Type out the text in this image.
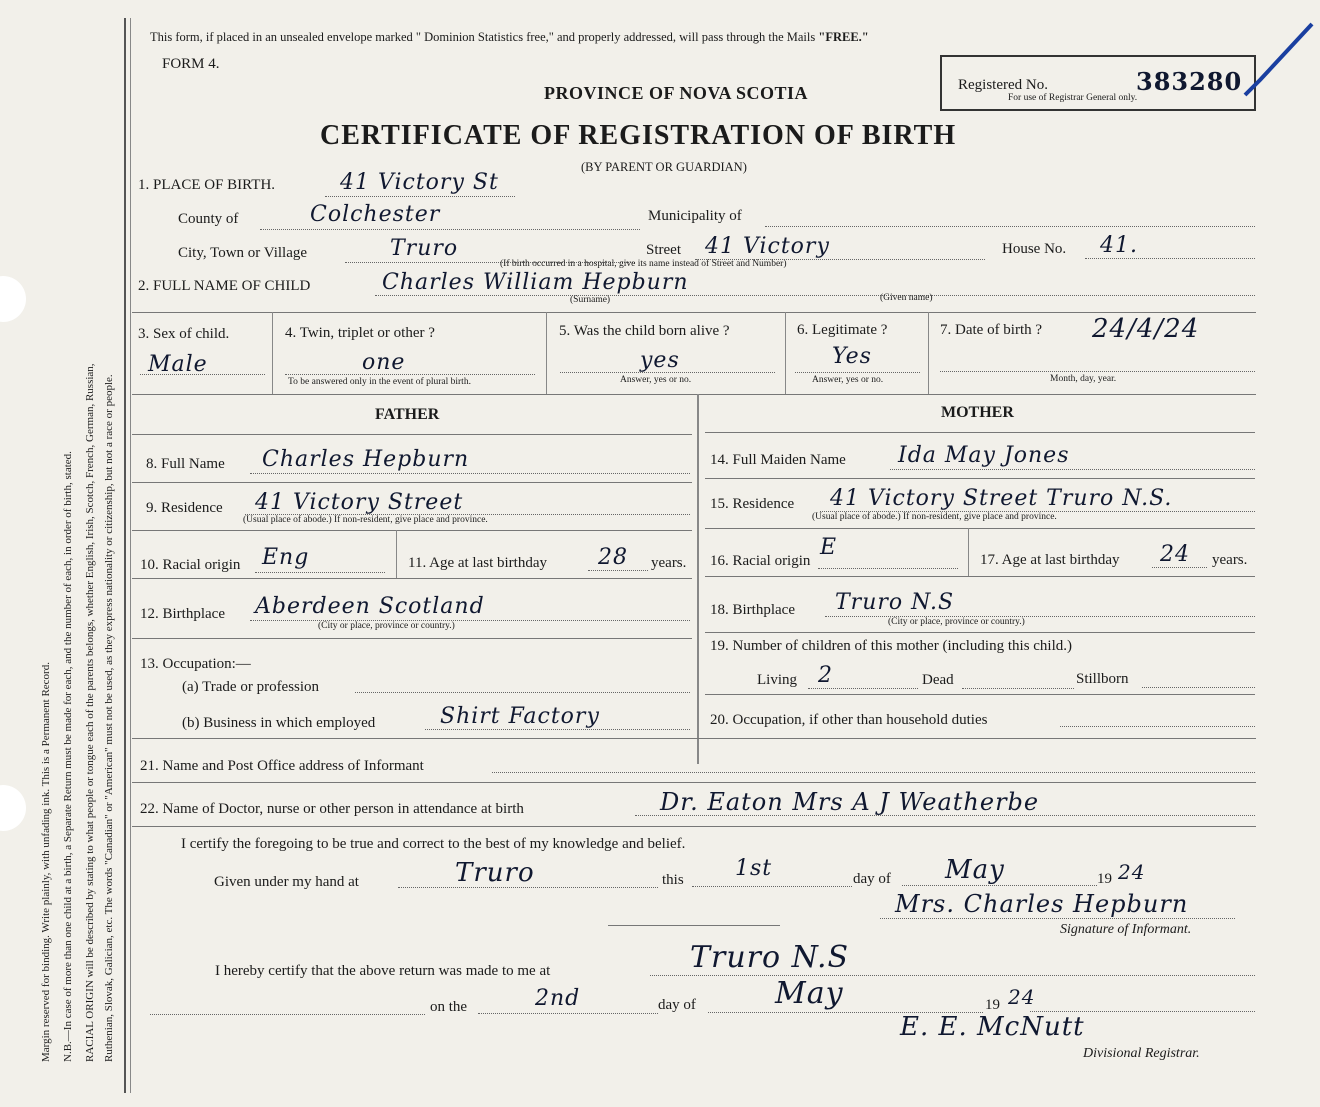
Margin reserved for binding. Write plainly, with unfading ink. This is a Permanent Record. N.B.—In case of more than one child at a birth, a Separate Return must be made for each, and the number of each, in order of birth, stated. RACIAL ORIGIN will be described by stating to what people or tongue each of the parents belongs, whether English, Irish, Scotch, French, German, Russian, Ruthenian, Slovak, Galician, etc. The words "Canadian" or "American" must not be used, as they express nationality or citizenship, but not a race or people.
This form, if placed in an unsealed envelope marked " Dominion Statistics free," and properly addressed, will pass through the Mails "FREE."
FORM 4.
PROVINCE OF NOVA SCOTIA
CERTIFICATE OF REGISTRATION OF BIRTH
(BY PARENT OR GUARDIAN)
Registered No.	383280
For use of Registrar General only.
1. PLACE OF BIRTH.	41 Victory St
County of	Colchester	Municipality of
City, Town or Village	Truro	Street 41 Victory
(If birth occurred in a hospital, give its name instead of Street and Number)
House No. 41.
2. FULL NAME OF CHILD	Charles William Hepburn
(Surname)	(Given name)
3. Sex of child.
Male
4. Twin, triplet or other ?
one
To be answered only in the event of plural birth.
5. Was the child born alive ?
yes
Answer, yes or no.
6. Legitimate ?
Yes
Answer, yes or no.
7. Date of birth ? 24/4/24
Month, day, year.
FATHER
8. Full Name Charles Hepburn
9. Residence 41 Victory Street
(Usual place of abode.) If non-resident, give place and province.
10. Racial origin Eng	11. Age at last birthday 28 years.
12. Birthplace Aberdeen Scotland
(City or place, province or country.)
13. Occupation:—
(a) Trade or profession
(b) Business in which employed	Shirt Factory
MOTHER
14. Full Maiden Name Ida May Jones
15. Residence 41 Victory Street Truro N.S.
(Usual place of abode.) If non-resident, give place and province.
16. Racial origin
E	17. Age at last birthday 24 years.
18. Birthplace Truro N.S
(City or place, province or country.)
19. Number of children of this mother (including this child.)
Living 2	Dead	Stillborn
20. Occupation, if other than household duties
21. Name and Post Office address of Informant
22. Name of Doctor, nurse or other person in attendance at birth	Dr. Eaton Mrs A J Weatherbe
I certify the foregoing to be true and correct to the best of my knowledge and belief.
Given under my hand at	Truro	this 1st	day of May	19 24
Mrs. Charles Hepburn
Signature of Informant.
I hereby certify that the above return was made to me at	Truro N.S
on the	2nd	day of	May	19 24
E. E. McNutt
Divisional Registrar.
